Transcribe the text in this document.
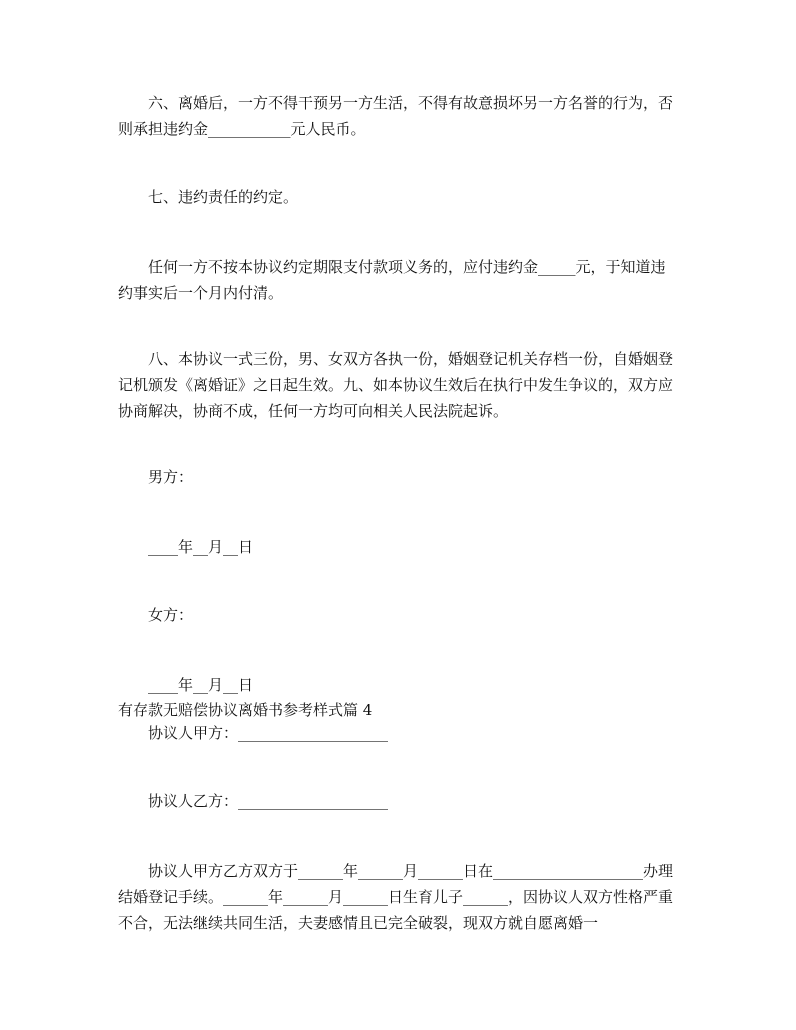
六、离婚后，一方不得干预另一方生活，不得有故意损坏另一方名誉的行为，否则承担违约金___________元人民币。

七、违约责任的约定。

任何一方不按本协议约定期限支付款项义务的，应付违约金_____元，于知道违约事实后一个月内付清。

八、本协议一式三份，男、女双方各执一份，婚姻登记机关存档一份，自婚姻登记机颁发《离婚证》之日起生效。九、如本协议生效后在执行中发生争议的，双方应协商解决，协商不成，任何一方均可向相关人民法院起诉。

男方：

____年__月__日

女方：

____年__月__日

有存款无赔偿协议离婚书参考样式篇 4

协议人甲方：____________________

协议人乙方：____________________

协议人甲方乙方双方于______年______月______日在____________________办理结婚登记手续。______年______月______日生育儿子______，因协议人双方性格严重不合，无法继续共同生活，夫妻感情且已完全破裂，现双方就自愿离婚一
